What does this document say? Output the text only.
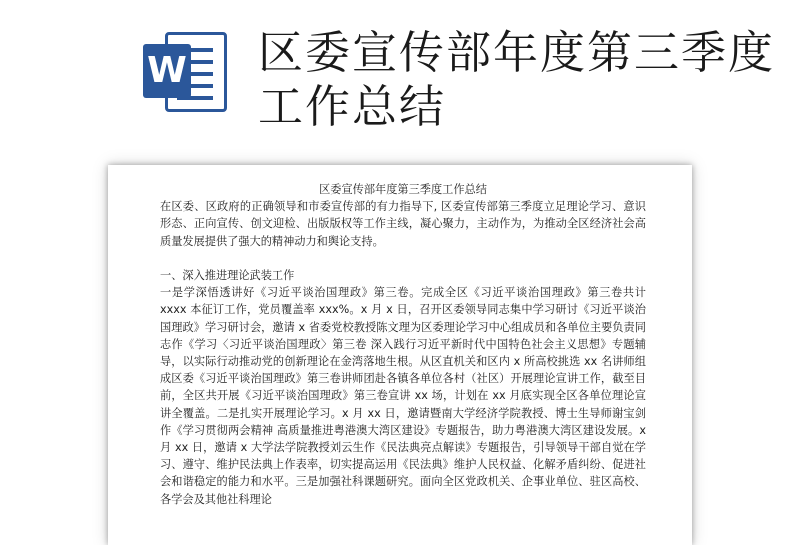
W 区委宣传部年度第三季度工作总结

区委宣传部年度第三季度工作总结

在区委、区政府的正确领导和市委宣传部的有力指导下, 区委宣传部第三季度立足理论学习、意识形态、正向宣传、创文迎检、出版版权等工作主线，凝心聚力，主动作为，为推动全区经济社会高质量发展提供了强大的精神动力和舆论支持。

一、深入推进理论武装工作

一是学深悟透讲好《习近平谈治国理政》第三卷。完成全区《习近平谈治国理政》第三卷共计 xxxx 本征订工作，党员覆盖率 xxx%。x 月 x 日，召开区委领导同志集中学习研讨《习近平谈治国理政》学习研讨会，邀请 x 省委党校教授陈文理为区委理论学习中心组成员和各单位主要负责同志作《学习〈习近平谈治国理政〉第三卷 深入践行习近平新时代中国特色社会主义思想》专题辅导，以实际行动推动党的创新理论在金湾落地生根。从区直机关和区内 x 所高校挑选 xx 名讲师组成区委《习近平谈治国理政》第三卷讲师团赴各镇各单位各村（社区）开展理论宣讲工作，截至目前，全区共开展《习近平谈治国理政》第三卷宣讲 xx 场，计划在 xx 月底实现全区各单位理论宣讲全覆盖。二是扎实开展理论学习。x 月 xx 日，邀请暨南大学经济学院教授、博士生导师谢宝剑作《学习贯彻两会精神 高质量推进粤港澳大湾区建设》专题报告，助力粤港澳大湾区建设发展。x 月 xx 日，邀请 x 大学法学院教授刘云生作《民法典亮点解读》专题报告，引导领导干部自觉在学习、遵守、维护民法典上作表率，切实提高运用《民法典》维护人民权益、化解矛盾纠纷、促进社会和谐稳定的能力和水平。三是加强社科课题研究。面向全区党政机关、企事业单位、驻区高校、各学会及其他社科理论
